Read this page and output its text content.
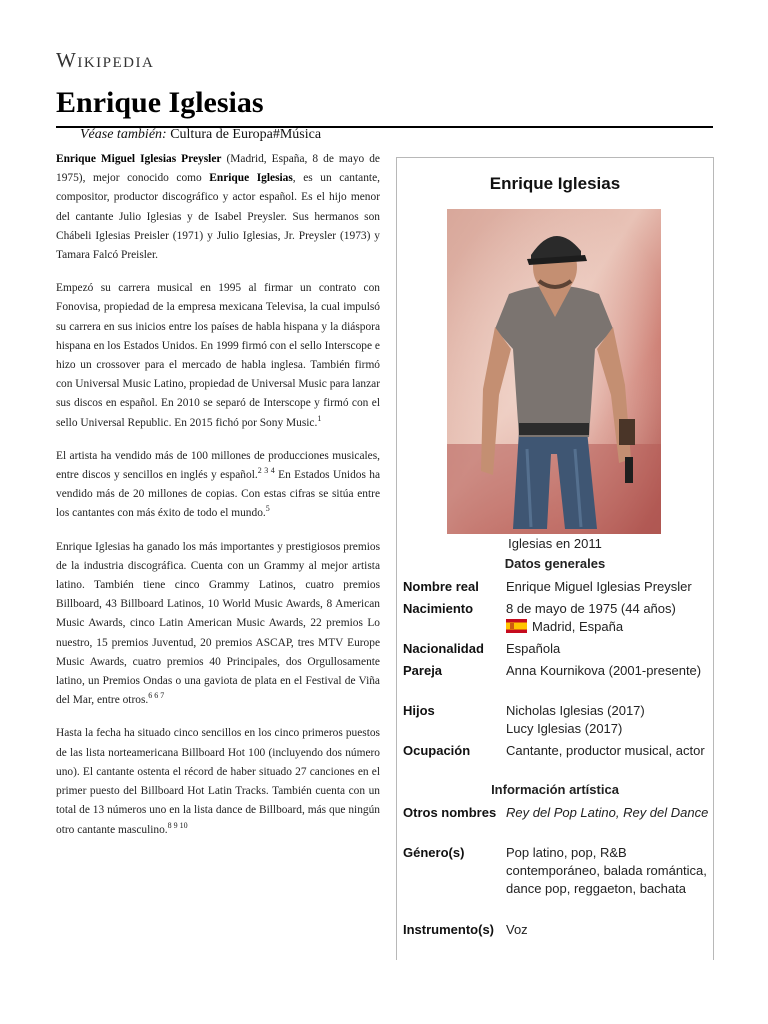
Wikipedia
Enrique Iglesias
Véase también: Cultura de Europa#Música

Enrique Miguel Iglesias Preysler (Madrid, España, 8 de mayo de 1975), mejor conocido como Enrique Iglesias, es un cantante, compositor, productor discográfico y actor español. Es el hijo menor del cantante Julio Iglesias y de Isabel Preysler. Sus hermanos son Chábeli Iglesias Preisler (1971) y Julio Iglesias, Jr. Preysler (1973) y Tamara Falcó Preisler.

Empezó su carrera musical en 1995 al firmar un contrato con Fonovisa, propiedad de la empresa mexicana Televisa, la cual impulsó su carrera en sus inicios entre los países de habla hispana y la diáspora hispana en los Estados Unidos. En 1999 firmó con el sello Interscope e hizo un crossover para el mercado de habla inglesa. También firmó con Universal Music Latino, propiedad de Universal Music para lanzar sus discos en español. En 2010 se separó de Interscope y firmó con el sello Universal Republic. En 2015 fichó por Sony Music.$^1$

El artista ha vendido más de 100 millones de producciones musicales, entre discos y sencillos en inglés y español.$^{2 3 4}$ En Estados Unidos ha vendido más de 20 millones de copias. Con estas cifras se sitúa entre los cantantes con más éxito de todo el mundo.$^5$

Enrique Iglesias ha ganado los más importantes y prestigiosos premios de la industria discográfica. Cuenta con un Grammy al mejor artista latino. También tiene cinco Grammy Latinos, cuatro premios Billboard, 43 Billboard Latinos, 10 World Music Awards, 8 American Music Awards, cinco Latin American Music Awards, 22 premios Lo nuestro, 15 premios Juventud, 20 premios ASCAP, tres MTV Europe Music Awards, cuatro premios 40 Principales, dos Orgullosamente latino, un Premios Ondas o una gaviota de plata en el Festival de Viña del Mar, entre otros.$^{6 6 7}$

Hasta la fecha ha situado cinco sencillos en los cinco primeros puestos de las lista norteamericana Billboard Hot 100 (incluyendo dos número uno). El cantante ostenta el récord de haber situado 27 canciones en el primer puesto del Billboard Hot Latin Tracks. También cuenta con un total de 13 números uno en la lista dance de Billboard, más que ningún otro cantante masculino.$^{8 9 10}$

Enrique Iglesias
Iglesias en 2011
Datos generales
Nombre real	Enrique Miguel Iglesias Preysler
Nacimiento	8 de mayo de 1975 (44 años)
Madrid, España
Nacionalidad	Española
Pareja	Anna Kournikova (2001-presente)
Hijos	Nicholas Iglesias (2017)
Lucy Iglesias (2017)
Ocupación	Cantante, productor musical, actor
Información artística
Otros nombres Rey del Pop Latino, Rey del Dance
Género(s)	Pop latino, pop, R&B contemporáneo, balada romántica, dance pop, reggaeton, bachata
Instrumento(s) Voz
